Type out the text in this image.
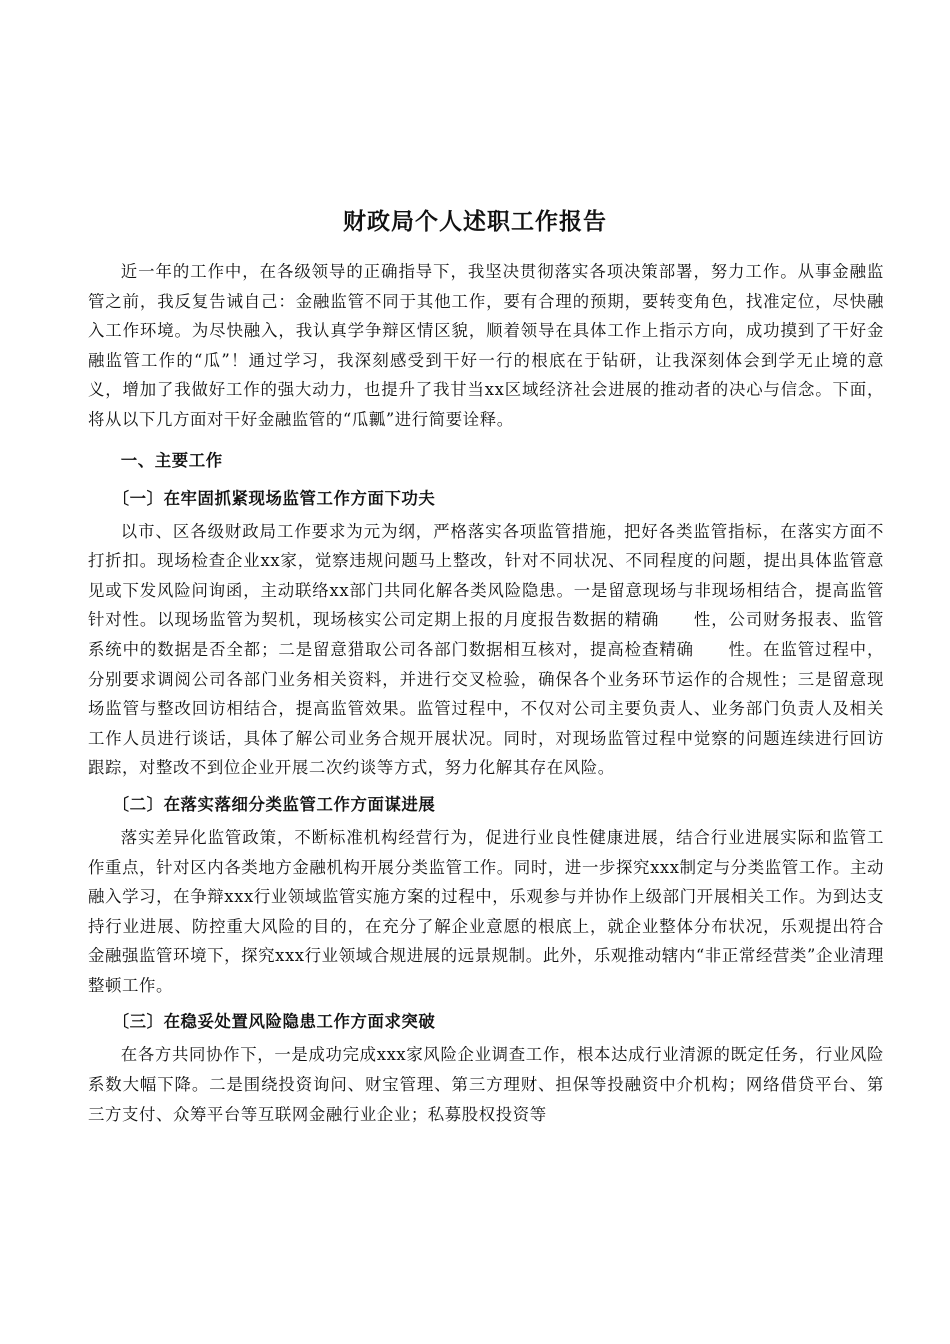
财政局个人述职工作报告

近一年的工作中，在各级领导的正确指导下，我坚决贯彻落实各项决策部署，努力工作。从事金融监管之前，我反复告诫自己：金融监管不同于其他工作，要有合理的预期，要转变角色，找准定位，尽快融入工作环境。为尽快融入，我认真学争辩区情区貌，顺着领导在具体工作上指示方向，成功摸到了干好金融监管工作的“瓜”！通过学习，我深刻感受到干好一行的根底在于钻研，让我深刻体会到学无止境的意义，增加了我做好工作的强大动力，也提升了我甘当xx区域经济社会进展的推动者的决心与信念。下面，将从以下几方面对干好金融监管的“瓜瓤”进行简要诠释。

一、主要工作
〔一〕在牢固抓紧现场监管工作方面下功夫

以市、区各级财政局工作要求为元为纲，严格落实各项监管措施，把好各类监管指标，在落实方面不打折扣。现场检查企业xx家，觉察违规问题马上整改，针对不同状况、不同程度的问题，提出具体监管意见或下发风险问询函，主动联络xx部门共同化解各类风险隐患。一是留意现场与非现场相结合，提高监管针对性。以现场监管为契机，现场核实公司定期上报的月度报告数据的精确　　性，公司财务报表、监管系统中的数据是否全都；二是留意猎取公司各部门数据相互核对，提高检查精确　　性。在监管过程中，分别要求调阅公司各部门业务相关资料，并进行交叉检验，确保各个业务环节运作的合规性；三是留意现场监管与整改回访相结合，提高监管效果。监管过程中，不仅对公司主要负责人、业务部门负责人及相关工作人员进行谈话，具体了解公司业务合规开展状况。同时，对现场监管过程中觉察的问题连续进行回访跟踪，对整改不到位企业开展二次约谈等方式，努力化解其存在风险。

〔二〕在落实落细分类监管工作方面谋进展

落实差异化监管政策，不断标准机构经营行为，促进行业良性健康进展，结合行业进展实际和监管工作重点，针对区内各类地方金融机构开展分类监管工作。同时，进一步探究xxx制定与分类监管工作。主动融入学习，在争辩xxx行业领域监管实施方案的过程中，乐观参与并协作上级部门开展相关工作。为到达支持行业进展、防控重大风险的目的，在充分了解企业意愿的根底上，就企业整体分布状况，乐观提出符合金融强监管环境下，探究xxx行业领域合规进展的远景规制。此外，乐观推动辖内“非正常经营类”企业清理整顿工作。

〔三〕在稳妥处置风险隐患工作方面求突破

在各方共同协作下，一是成功完成xxx家风险企业调查工作，根本达成行业清源的既定任务，行业风险系数大幅下降。二是围绕投资询问、财宝管理、第三方理财、担保等投融资中介机构；网络借贷平台、第三方支付、众筹平台等互联网金融行业企业；私募股权投资等
